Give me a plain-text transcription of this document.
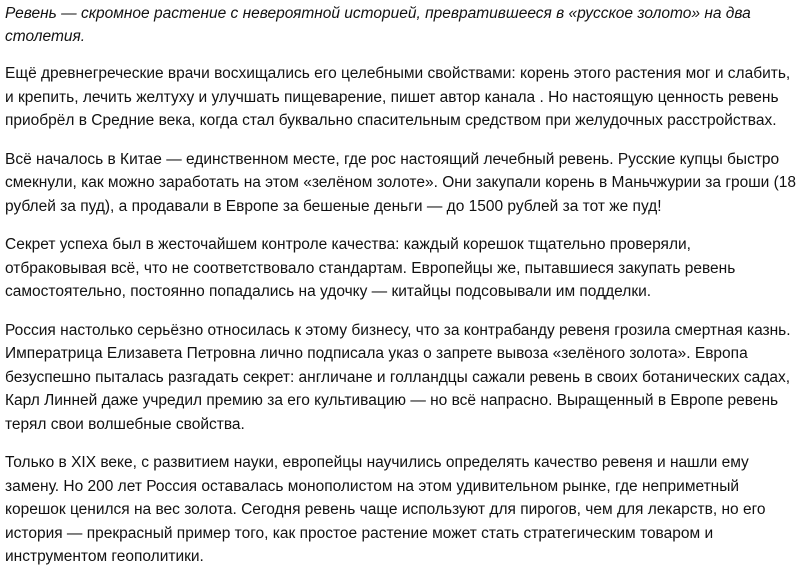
Ревень — скромное растение с невероятной историей, превратившееся в «русское золото» на два столетия.

Ещё древнегреческие врачи восхищались его целебными свойствами: корень этого растения мог и слабить, и крепить, лечить желтуху и улучшать пищеварение, пишет автор канала . Но настоящую ценность ревень приобрёл в Средние века, когда стал буквально спасительным средством при желудочных расстройствах.

Всё началось в Китае — единственном месте, где рос настоящий лечебный ревень. Русские купцы быстро смекнули, как можно заработать на этом «зелёном золоте». Они закупали корень в Маньчжурии за гроши (18 рублей за пуд), а продавали в Европе за бешеные деньги — до 1500 рублей за тот же пуд!

Секрет успеха был в жесточайшем контроле качества: каждый корешок тщательно проверяли, отбраковывая всё, что не соответствовало стандартам. Европейцы же, пытавшиеся закупать ревень самостоятельно, постоянно попадались на удочку — китайцы подсовывали им подделки.

Россия настолько серьёзно относилась к этому бизнесу, что за контрабанду ревеня грозила смертная казнь. Императрица Елизавета Петровна лично подписала указ о запрете вывоза «зелёного золота». Европа безуспешно пыталась разгадать секрет: англичане и голландцы сажали ревень в своих ботанических садах, Карл Линней даже учредил премию за его культивацию — но всё напрасно. Выращенный в Европе ревень терял свои волшебные свойства.

Только в XIX веке, с развитием науки, европейцы научились определять качество ревеня и нашли ему замену. Но 200 лет Россия оставалась монополистом на этом удивительном рынке, где неприметный корешок ценился на вес золота. Сегодня ревень чаще используют для пирогов, чем для лекарств, но его история — прекрасный пример того, как простое растение может стать стратегическим товаром и инструментом геополитики.
